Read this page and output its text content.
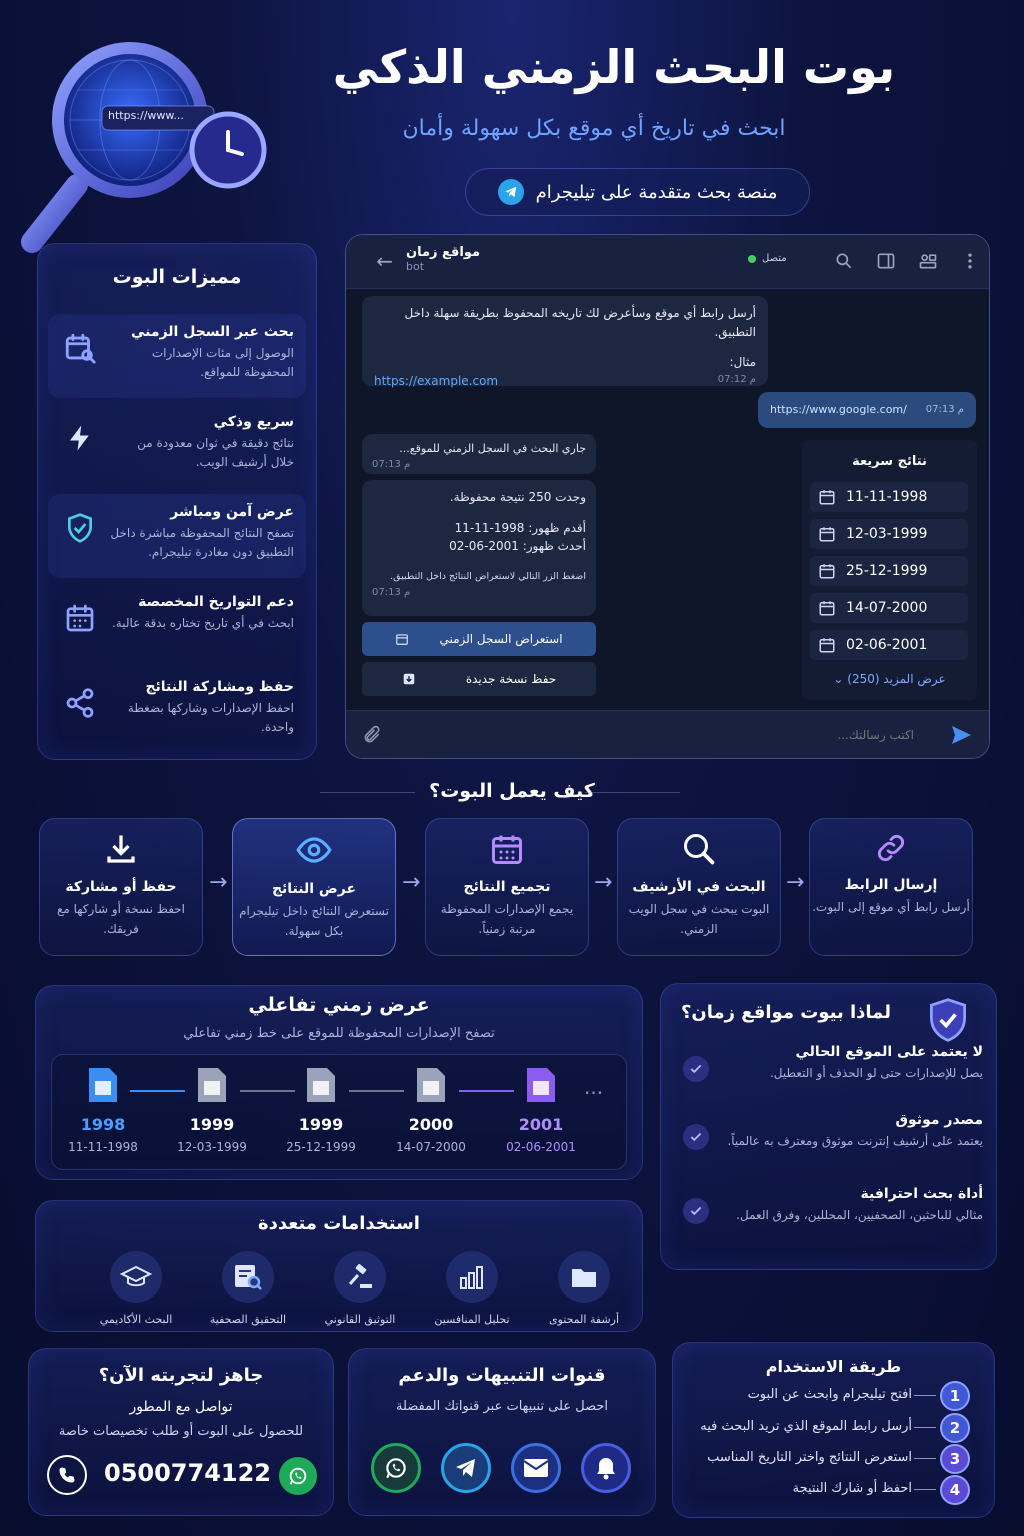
https://www...
بوت البحث الزمني الذكي
ابحث في تاريخ أي موقع بكل سهولة وأمان
منصة بحث متقدمة على تيليجرام
مميزات البوت
بحث عبر السجل الزمني
الوصول إلى مئات الإصدارات المحفوظة للمواقع.
سريع وذكي
نتائج دقيقة في ثوان معدودة من خلال أرشيف الويب.
عرض آمن ومباشر
تصفح النتائج المحفوظة مباشرة داخل التطبيق دون مغادرة تيليجرام.
دعم التواريخ المخصصة
ابحث في أي تاريخ تختاره بدقة عالية.
حفظ ومشاركة النتائج
احفظ الإصدارات وشاركها بضغطة واحدة.
← مواقع زمان
bot
متصل
أرسل رابط أي موقع وسأعرض لك تاريخه المحفوظ بطريقة سهلة داخل التطبيق.
مثال:
https://example.com	07:12 م
https://www.google.com/ 07:13 م
جاري البحث في السجل الزمني للموقع...
07:13 م
وجدت 250 نتيجة محفوظة.
أقدم ظهور: 1998-11-11
أحدث ظهور: 2001-06-02
اضغط الزر التالي لاستعراض النتائج داخل التطبيق.
07:13 م
استعراض السجل الزمني
حفظ نسخة جديدة
نتائج سريعة
11-11-1998
12-03-1999
25-12-1999
14-07-2000
02-06-2001
عرض المزيد (250) ⌄
اكتب رسالتك...
كيف يعمل البوت؟
إرسال الرابط
أرسل رابط أي موقع إلى البوت.
→
البحث في الأرشيف
البوت يبحث في سجل الويب الزمني.
→
تجميع النتائج
يجمع الإصدارات المحفوظة مرتبة زمنياً.
→
عرض النتائج
تستعرض النتائج داخل تيليجرام بكل سهولة.
→
حفظ أو مشاركة
احفظ نسخة أو شاركها مع فريقك.
عرض زمني تفاعلي
تصفح الإصدارات المحفوظة للموقع على خط زمني تفاعلي
1998
11-11-1998
1999
12-03-1999
1999
25-12-1999
2000
14-07-2000
2001
02-06-2001
...
استخدامات متعددة
أرشفة المحتوى
تحليل المنافسين
التوثيق القانوني
التحقيق الصحفية
البحث الأكاديمي
لماذا بيوت مواقع زمان؟
لا يعتمد على الموقع الحالي
يصل للإصدارات حتى لو الحذف أو التعطيل.
مصدر موثوق
يعتمد على أرشيف إنترنت موثوق ومعترف به عالمياً.
أداة بحث احترافية
مثالي للباحثين، الصحفيين، المحللين، وفرق العمل.
جاهز لتجربته الآن؟
تواصل مع المطور
للحصول على البوت أو طلب تخصيصات خاصة
0500774122
قنوات التنبيهات والدعم
احصل على تنبيهات عبر قنواتك المفضلة
طريقة الاستخدام
1
افتح تيليجرام وابحث عن البوت
2
أرسل رابط الموقع الذي تريد البحث فيه
3
استعرض النتائج واختر التاريخ المناسب
4
احفظ أو شارك النتيجة
